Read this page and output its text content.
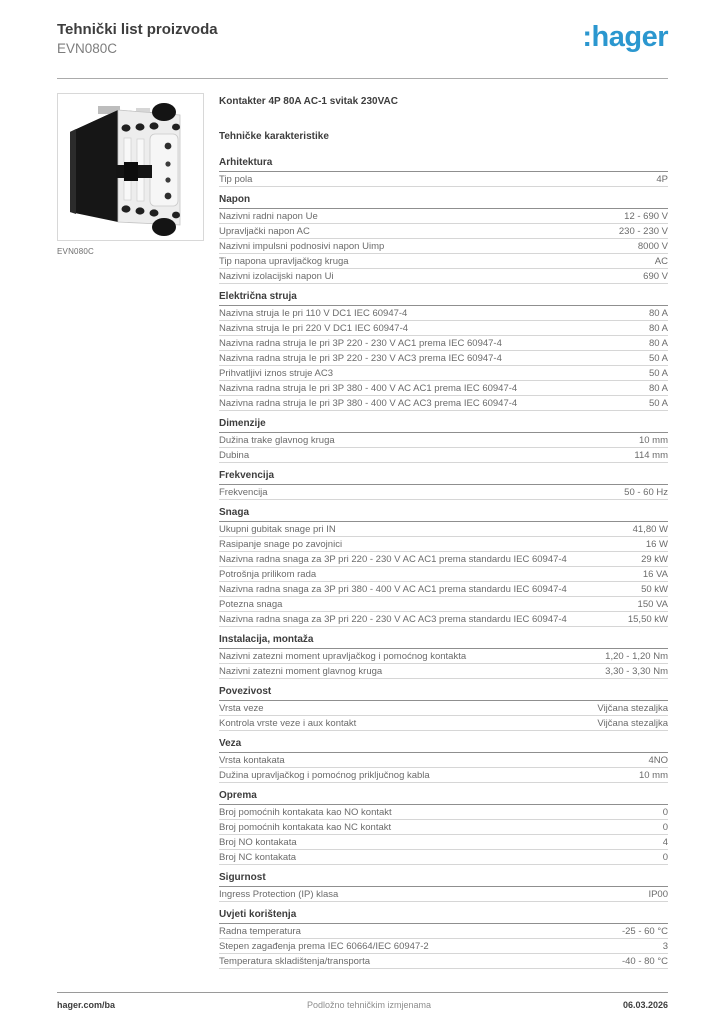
Tehnički list proizvoda
EVN080C	:hager
EVN080C
Kontakter 4P 80A AC-1 svitak 230VAC
Tehničke karakteristike
Arhitektura
Tip pola	4P
Napon
Nazivni radni napon Ue	12 - 690 V
Upravljački napon AC	230 - 230 V
Nazivni impulsni podnosivi napon Uimp	8000 V
Tip napona upravljačkog kruga	AC
Nazivni izolacijski napon Ui	690 V
Električna struja
Nazivna struja Ie pri 110 V DC1 IEC 60947-4	80 A
Nazivna struja Ie pri 220 V DC1 IEC 60947-4	80 A
Nazivna radna struja Ie pri 3P 220 - 230 V AC1 prema IEC 60947-4	80 A
Nazivna radna struja Ie pri 3P 220 - 230 V AC3 prema IEC 60947-4	50 A
Prihvatljivi iznos struje AC3	50 A
Nazivna radna struja Ie pri 3P 380 - 400 V AC AC1 prema IEC 60947-4	80 A
Nazivna radna struja Ie pri 3P 380 - 400 V AC AC3 prema IEC 60947-4	50 A
Dimenzije
Dužina trake glavnog kruga	10 mm
Dubina	114 mm
Frekvencija
Frekvencija	50 - 60 Hz
Snaga
Ukupni gubitak snage pri IN	41,80 W
Rasipanje snage po zavojnici	16 W
Nazivna radna snaga za 3P pri 220 - 230 V AC AC1 prema standardu IEC 60947-4	29 kW
Potrošnja prilikom rada	16 VA
Nazivna radna snaga za 3P pri 380 - 400 V AC AC1 prema standardu IEC 60947-4	50 kW
Potezna snaga	150 VA
Nazivna radna snaga za 3P pri 220 - 230 V AC AC3 prema standardu IEC 60947-4	15,50 kW
Instalacija, montaža
Nazivni zatezni moment upravljačkog i pomoćnog kontakta	1,20 - 1,20 Nm
Nazivni zatezni moment glavnog kruga	3,30 - 3,30 Nm
Povezivost
Vrsta veze	Vijčana stezaljka
Kontrola vrste veze i aux kontakt	Vijčana stezaljka
Veza
Vrsta kontakata	4NO
Dužina upravljačkog i pomoćnog priključnog kabla	10 mm
Oprema
Broj pomoćnih kontakata kao NO kontakt	0
Broj pomoćnih kontakata kao NC kontakt	0
Broj NO kontakata	4
Broj NC kontakata	0
Sigurnost
Ingress Protection (IP) klasa	IP00
Uvjeti korištenja
Radna temperatura	-25 - 60 °C
Stepen zagađenja prema IEC 60664/IEC 60947-2	3
Temperatura skladištenja/transporta	-40 - 80 °C
hager.com/ba	Podložno tehničkim izmjenama	06.03.2026
